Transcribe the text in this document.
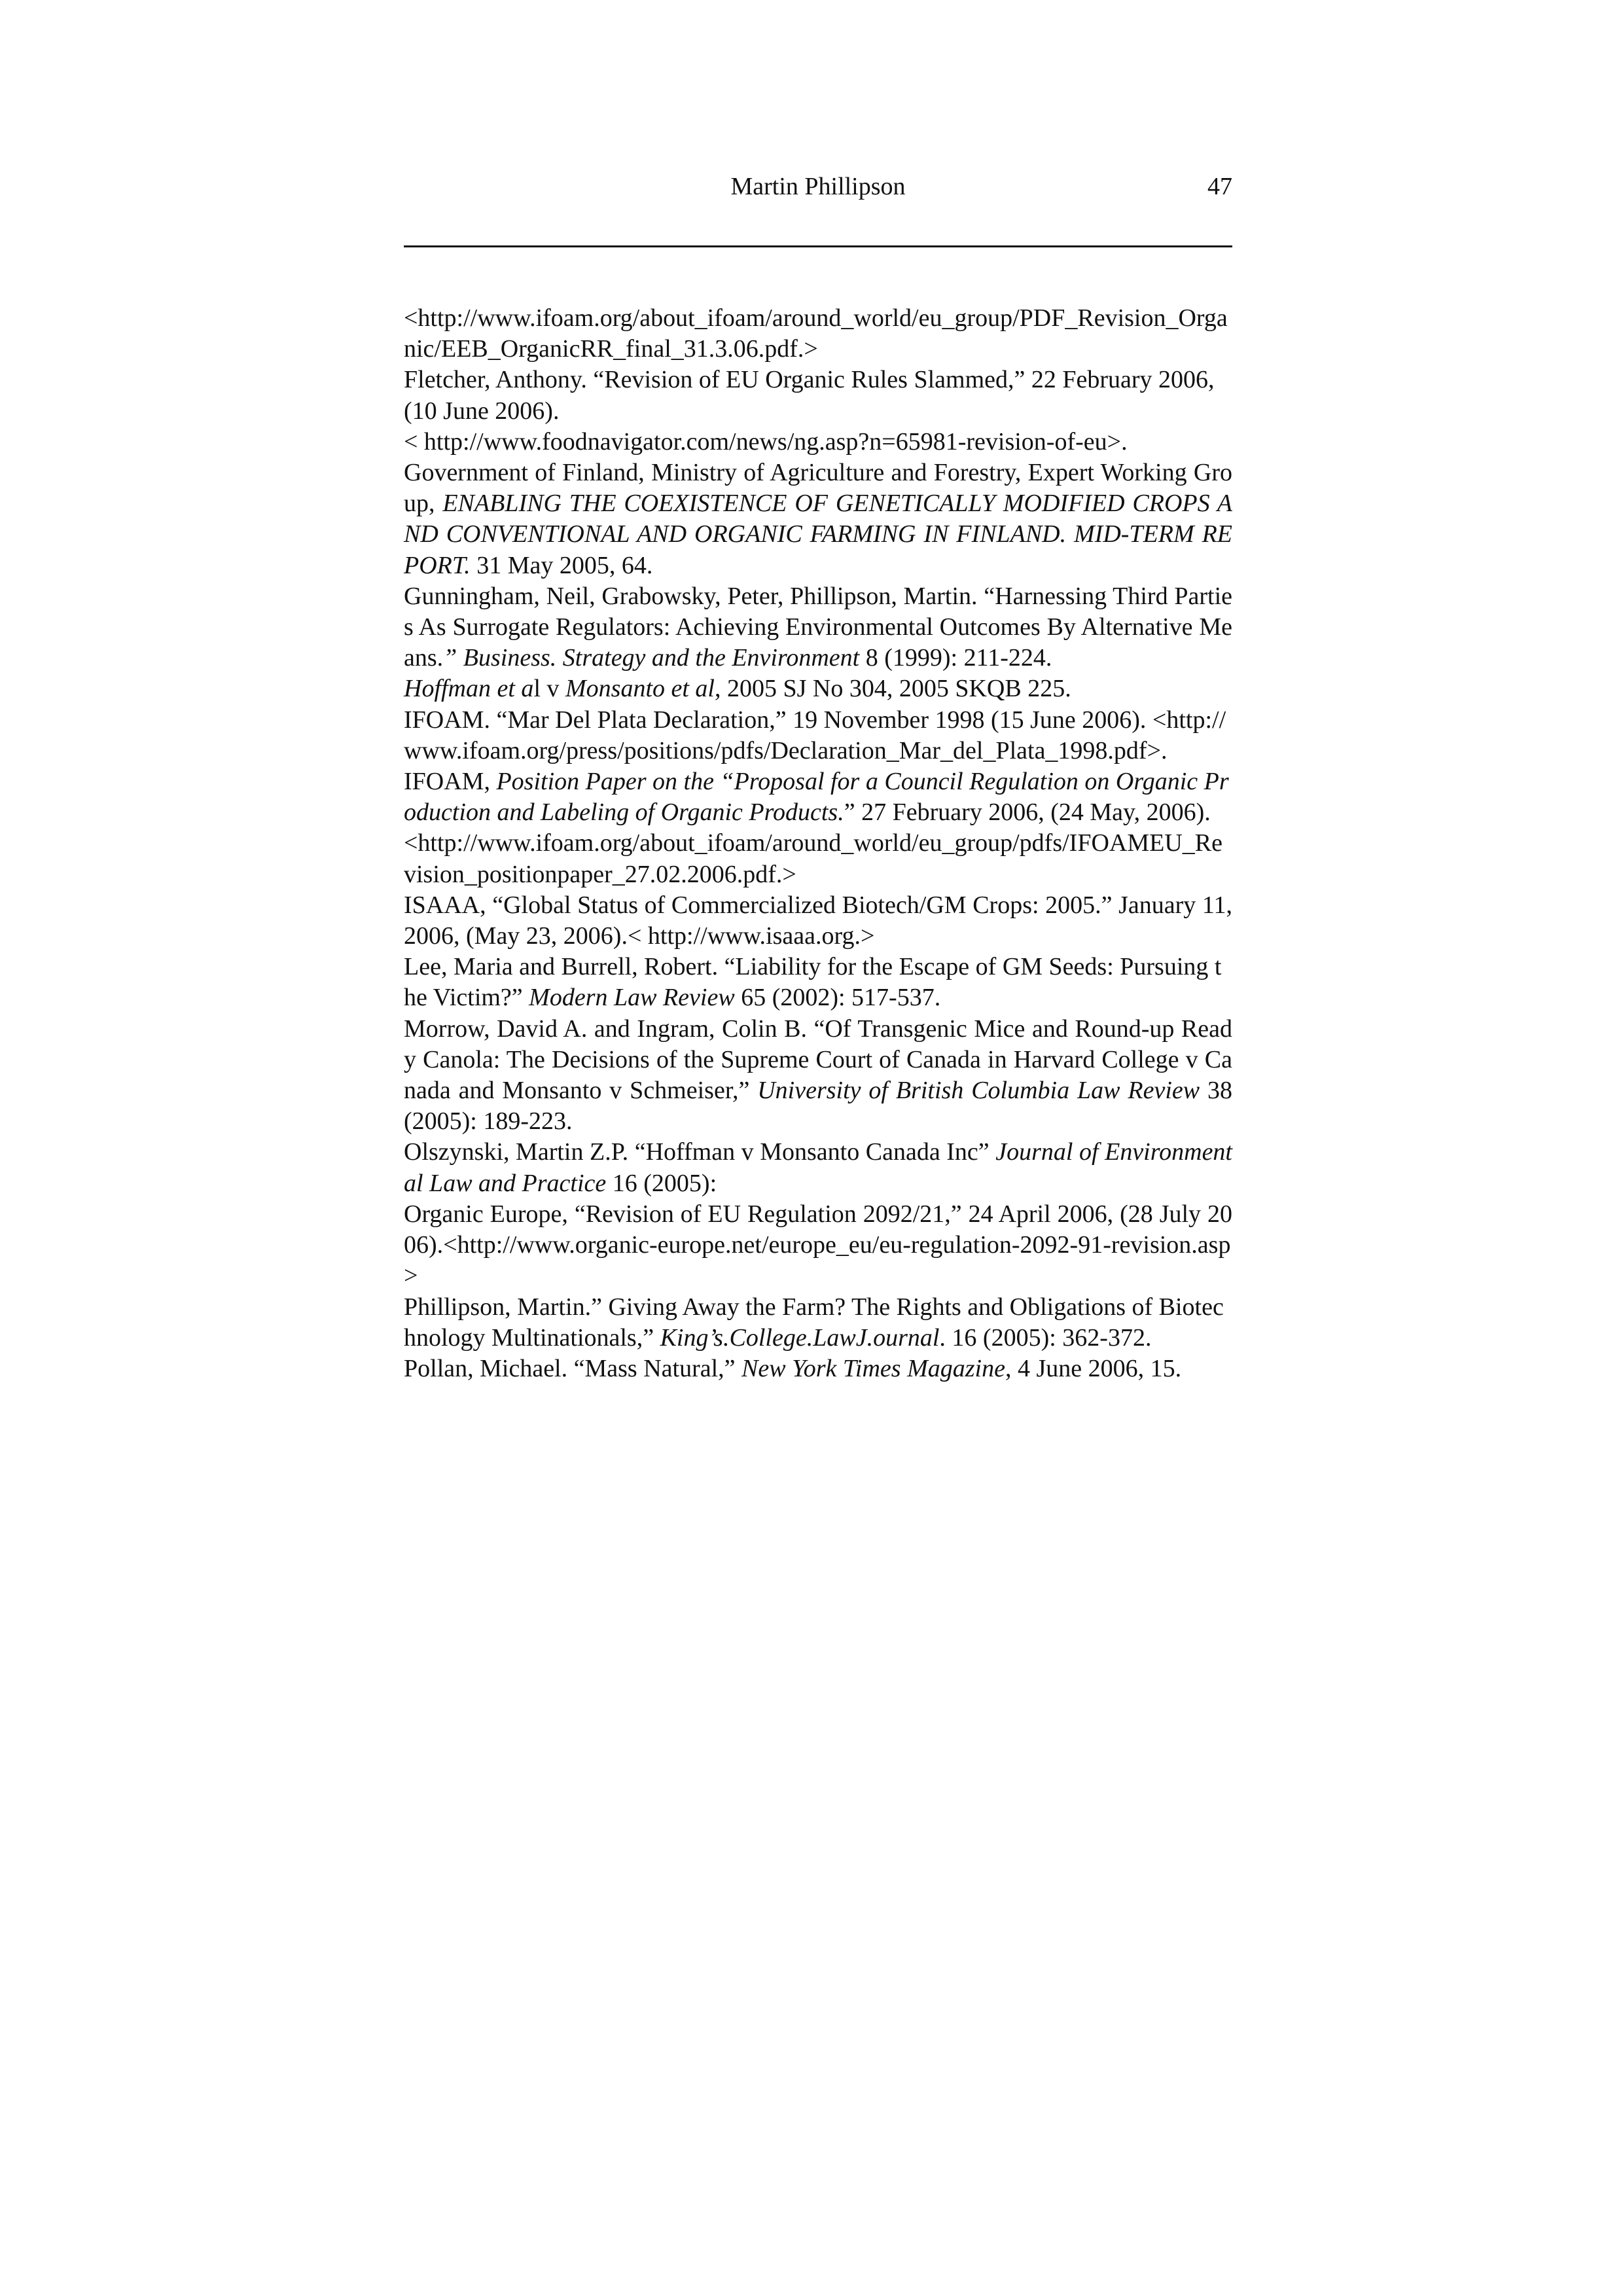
Martin Phillipson	47

<http://www.ifoam.org/about_ifoam/around_world/eu_group/PDF_Revision_Organic/EEB_OrganicRR_final_31.3.06.pdf.>

Fletcher, Anthony. “Revision of EU Organic Rules Slammed,” 22 February 2006, (10 June 2006).

< http://www.foodnavigator.com/news/ng.asp?n=65981-revision-of-eu>.

Government of Finland, Ministry of Agriculture and Forestry, Expert Working Group, ENABLING THE COEXISTENCE OF GENETICALLY MODIFIED CROPS AND CONVENTIONAL AND ORGANIC FARMING IN FINLAND. MID-TERM REPORT. 31 May 2005, 64.

Gunningham, Neil, Grabowsky, Peter, Phillipson, Martin. “Harnessing Third Parties As Surrogate Regulators: Achieving Environmental Outcomes By Alternative Means.” Business. Strategy and the Environment 8 (1999): 211-224.

Hoffman et al v Monsanto et al, 2005 SJ No 304, 2005 SKQB 225.

IFOAM. “Mar Del Plata Declaration,” 19 November 1998 (15 June 2006). <http://www.ifoam.org/press/positions/pdfs/Declaration_Mar_del_Plata_1998.pdf>.

IFOAM, Position Paper on the “Proposal for a Council Regulation on Organic Production and Labeling of Organic Products.” 27 February 2006, (24 May, 2006).

<http://www.ifoam.org/about_ifoam/around_world/eu_group/pdfs/IFOAMEU_Revision_positionpaper_27.02.2006.pdf.>

ISAAA, “Global Status of Commercialized Biotech/GM Crops: 2005.” January 11, 2006, (May 23, 2006).< http://www.isaaa.org.>

Lee, Maria and Burrell, Robert. “Liability for the Escape of GM Seeds: Pursuing the Victim?” Modern Law Review 65 (2002): 517-537.

Morrow, David A. and Ingram, Colin B. “Of Transgenic Mice and Round-up Ready Canola: The Decisions of the Supreme Court of Canada in Harvard College v Canada and Monsanto v Schmeiser,” University of British Columbia Law Review 38 (2005): 189-223.

Olszynski, Martin Z.P. “Hoffman v Monsanto Canada Inc” Journal of Environmental Law and Practice 16 (2005):

Organic Europe, “Revision of EU Regulation 2092/21,” 24 April 2006, (28 July 2006).<http://www.organic-europe.net/europe_eu/eu-regulation-2092-91-revision.asp>

Phillipson, Martin.” Giving Away the Farm? The Rights and Obligations of Biotechnology Multinationals,” King’s.College.LawJ.ournal. 16 (2005): 362-372.

Pollan, Michael. “Mass Natural,” New York Times Magazine, 4 June 2006, 15.
